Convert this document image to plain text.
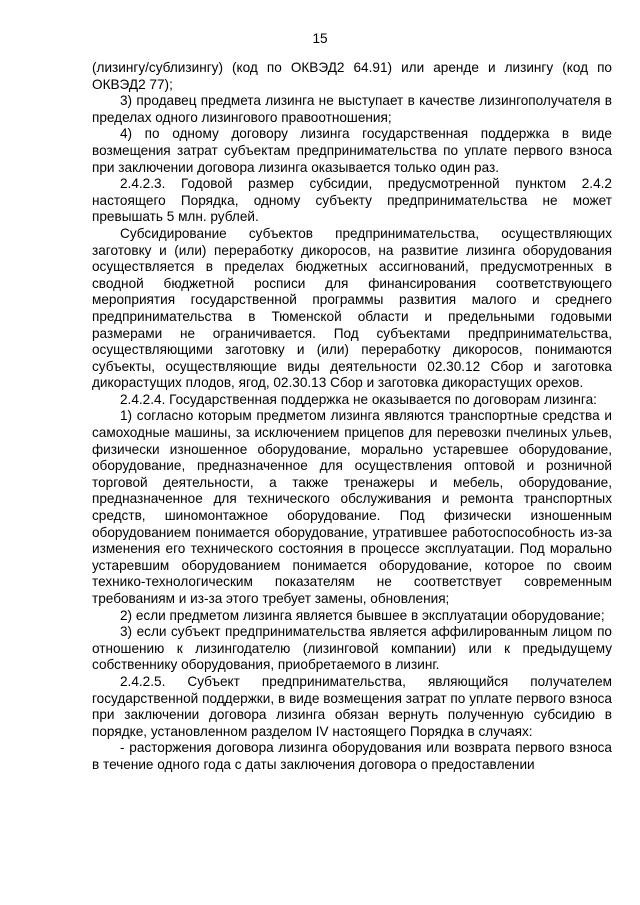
15

(лизингу/сублизингу) (код по ОКВЭД2 64.91) или аренде и лизингу (код по ОКВЭД2 77);

3) продавец предмета лизинга не выступает в качестве лизингополучателя в пределах одного лизингового правоотношения;

4) по одному договору лизинга государственная поддержка в виде возмещения затрат субъектам предпринимательства по уплате первого взноса при заключении договора лизинга оказывается только один раз.

2.4.2.3. Годовой размер субсидии, предусмотренной пунктом 2.4.2 настоящего Порядка, одному субъекту предпринимательства не может превышать 5 млн. рублей.

Субсидирование субъектов предпринимательства, осуществляющих заготовку и (или) переработку дикоросов, на развитие лизинга оборудования осуществляется в пределах бюджетных ассигнований, предусмотренных в сводной бюджетной росписи для финансирования соответствующего мероприятия государственной программы развития малого и среднего предпринимательства в Тюменской области и предельными годовыми размерами не ограничивается. Под субъектами предпринимательства, осуществляющими заготовку и (или) переработку дикоросов, понимаются субъекты, осуществляющие виды деятельности 02.30.12 Сбор и заготовка дикорастущих плодов, ягод, 02.30.13 Сбор и заготовка дикорастущих орехов.

2.4.2.4. Государственная поддержка не оказывается по договорам лизинга:

1) согласно которым предметом лизинга являются транспортные средства и самоходные машины, за исключением прицепов для перевозки пчелиных ульев, физически изношенное оборудование, морально устаревшее оборудование, оборудование, предназначенное для осуществления оптовой и розничной торговой деятельности, а также тренажеры и мебель, оборудование, предназначенное для технического обслуживания и ремонта транспортных средств, шиномонтажное оборудование. Под физически изношенным оборудованием понимается оборудование, утратившее работоспособность из-за изменения его технического состояния в процессе эксплуатации. Под морально устаревшим оборудованием понимается оборудование, которое по своим технико-технологическим показателям не соответствует современным требованиям и из-за этого требует замены, обновления;

2) если предметом лизинга является бывшее в эксплуатации оборудование;

3) если субъект предпринимательства является аффилированным лицом по отношению к лизингодателю (лизинговой компании) или к предыдущему собственнику оборудования, приобретаемого в лизинг.

2.4.2.5. Субъект предпринимательства, являющийся получателем государственной поддержки, в виде возмещения затрат по уплате первого взноса при заключении договора лизинга обязан вернуть полученную субсидию в порядке, установленном разделом IV настоящего Порядка в случаях:

- расторжения договора лизинга оборудования или возврата первого взноса в течение одного года с даты заключения договора о предоставлении
